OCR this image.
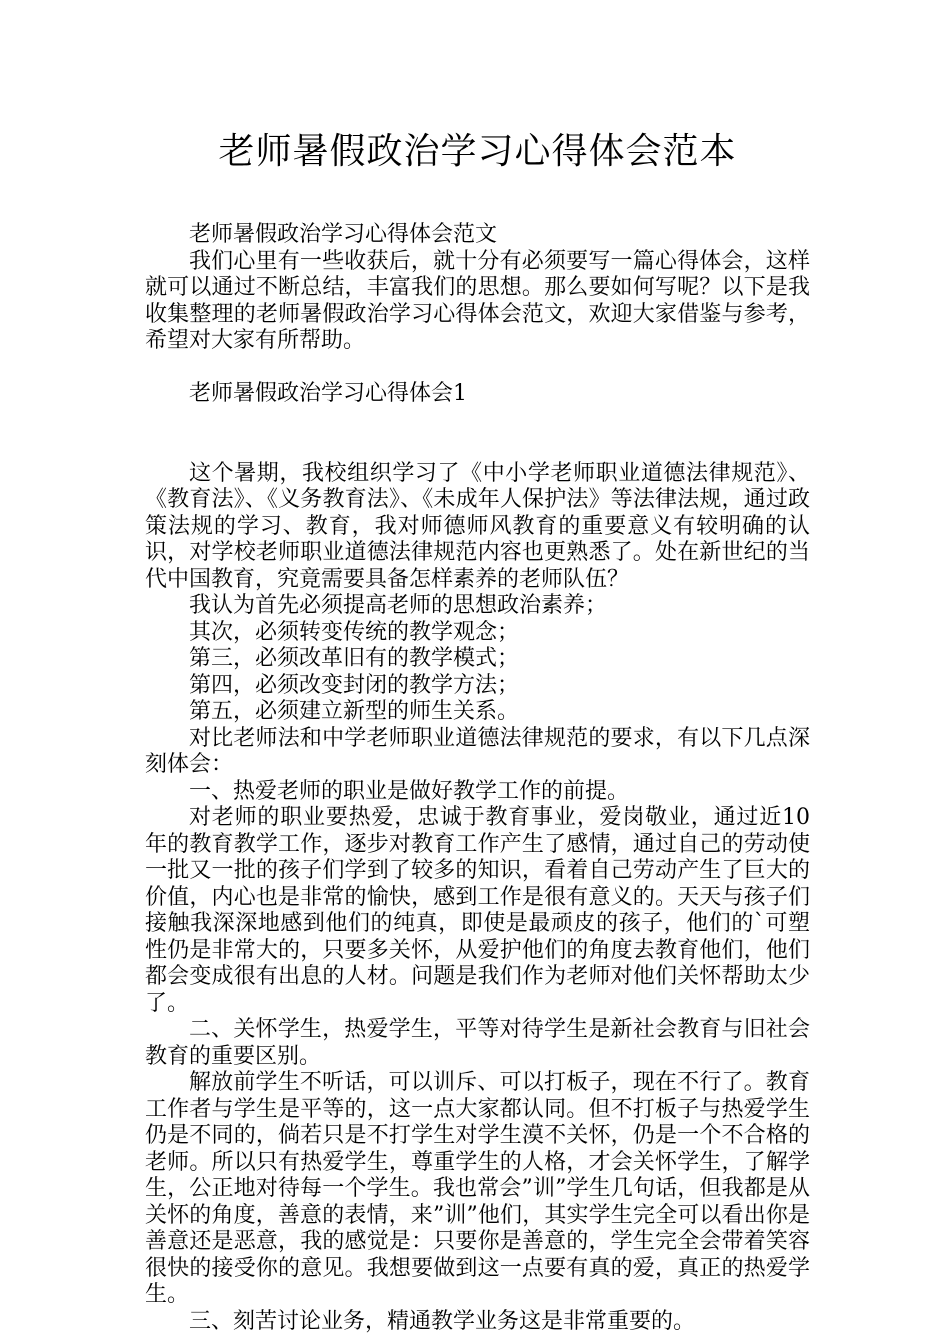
老师暑假政治学习心得体会范本

老师暑假政治学习心得体会范文

我们心里有一些收获后，就十分有必须要写一篇心得体会，这样就可以通过不断总结，丰富我们的思想。那么要如何写呢？以下是我收集整理的老师暑假政治学习心得体会范文，欢迎大家借鉴与参考，希望对大家有所帮助。

老师暑假政治学习心得体会1

这个暑期，我校组织学习了《中小学老师职业道德法律规范》、《教育法》、《义务教育法》、《未成年人保护法》等法律法规，通过政策法规的学习、教育，我对师德师风教育的重要意义有较明确的认识，对学校老师职业道德法律规范内容也更熟悉了。处在新世纪的当代中国教育，究竟需要具备怎样素养的老师队伍？

我认为首先必须提高老师的思想政治素养；

其次，必须转变传统的教学观念；

第三，必须改革旧有的教学模式；

第四，必须改变封闭的教学方法；

第五，必须建立新型的师生关系。

对比老师法和中学老师职业道德法律规范的要求，有以下几点深刻体会：

一、热爱老师的职业是做好教学工作的前提。

对老师的职业要热爱，忠诚于教育事业，爱岗敬业，通过近10年的教育教学工作，逐步对教育工作产生了感情，通过自己的劳动使一批又一批的孩子们学到了较多的知识，看着自己劳动产生了巨大的价值，内心也是非常的愉快，感到工作是很有意义的。天天与孩子们接触我深深地感到他们的纯真，即使是最顽皮的孩子，他们的`可塑性仍是非常大的，只要多关怀，从爱护他们的角度去教育他们，他们都会变成很有出息的人材。问题是我们作为老师对他们关怀帮助太少了。

二、关怀学生，热爱学生，平等对待学生是新社会教育与旧社会教育的重要区别。

解放前学生不听话，可以训斥、可以打板子，现在不行了。教育工作者与学生是平等的，这一点大家都认同。但不打板子与热爱学生仍是不同的，倘若只是不打学生对学生漠不关怀，仍是一个不合格的老师。所以只有热爱学生，尊重学生的人格，才会关怀学生，了解学生，公正地对待每一个学生。我也常会”训”学生几句话，但我都是从关怀的角度，善意的表情，来”训”他们，其实学生完全可以看出你是善意还是恶意，我的感觉是：只要你是善意的，学生完全会带着笑容很快的接受你的意见。我想要做到这一点要有真的爱，真正的热爱学生。

三、刻苦讨论业务，精通教学业务这是非常重要的。
